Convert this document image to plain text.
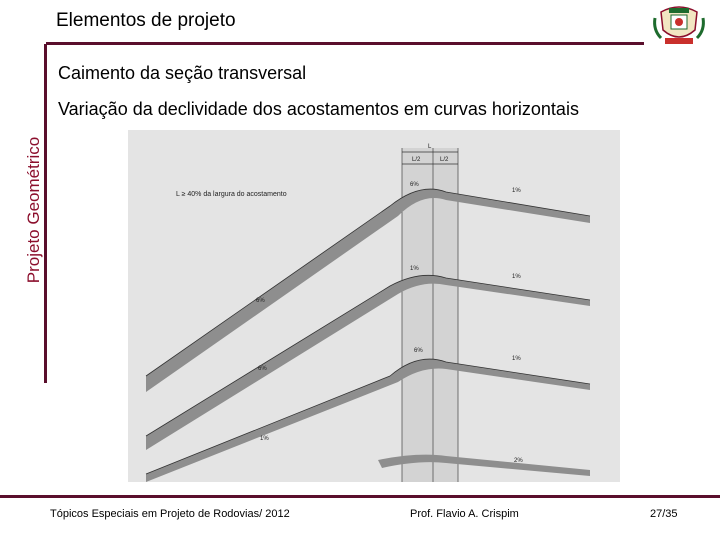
Projeto Geométrico
Elementos de projeto
Caimento da seção transversal
Variação da declividade dos acostamentos em curvas horizontais
L
L/2	L/2
L ≥ 40% da largura do acostamento
6%
6%
1%
6%
1%
1%
1%
6%
1%
2%
Tópicos Especiais em Projeto de Rodovias/ 2012	Prof. Flavio A. Crispim	27/35
